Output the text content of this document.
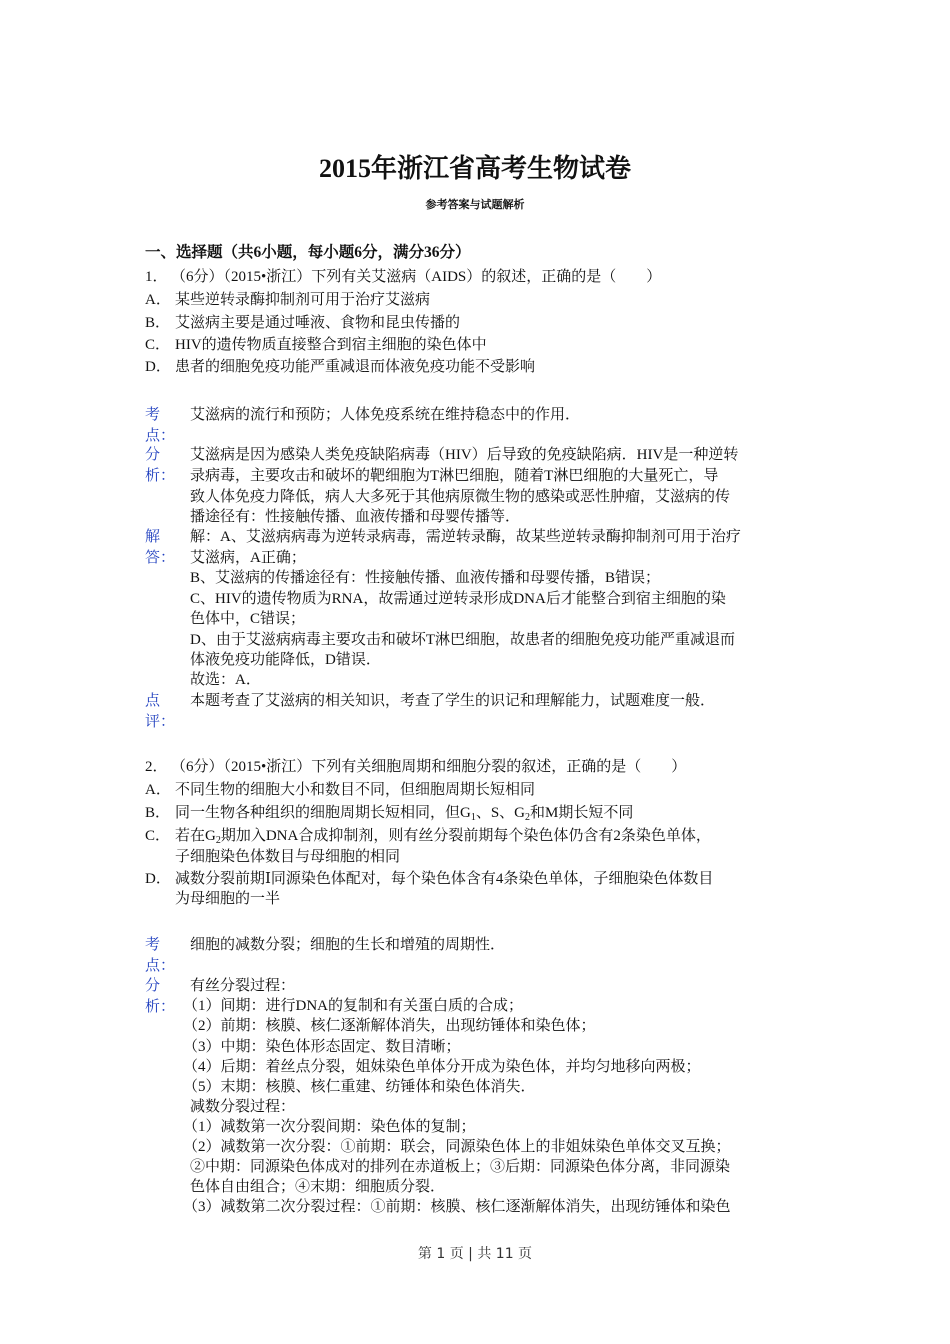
2015年浙江省高考生物试卷
参考答案与试题解析
一、选择题（共6小题，每小题6分，满分36分）
1． （6分）（2015•浙江）下列有关艾滋病（AIDS）的叙述，正确的是（　　）
A． 某些逆转录酶抑制剂可用于治疗艾滋病
B． 艾滋病主要是通过唾液、食物和昆虫传播的
C． HIV的遗传物质直接整合到宿主细胞的染色体中
D． 患者的细胞免疫功能严重减退而体液免疫功能不受影响
考
点：
艾滋病的流行和预防；人体免疫系统在维持稳态中的作用．
分
析：
艾滋病是因为感染人类免疫缺陷病毒（HIV）后导致的免疫缺陷病．HIV是一种逆转
录病毒，主要攻击和破坏的靶细胞为T淋巴细胞，随着T淋巴细胞的大量死亡，导
致人体免疫力降低，病人大多死于其他病原微生物的感染或恶性肿瘤，艾滋病的传
播途径有：性接触传播、血液传播和母婴传播等．
解
答：
解：A、艾滋病病毒为逆转录病毒，需逆转录酶，故某些逆转录酶抑制剂可用于治疗
艾滋病，A正确；
B、艾滋病的传播途径有：性接触传播、血液传播和母婴传播，B错误；
C、HIV的遗传物质为RNA，故需通过逆转录形成DNA后才能整合到宿主细胞的染
色体中，C错误；
D、由于艾滋病病毒主要攻击和破坏T淋巴细胞，故患者的细胞免疫功能严重减退而
体液免疫功能降低，D错误．
故选：A．
点
评：
本题考查了艾滋病的相关知识，考查了学生的识记和理解能力，试题难度一般．
2． （6分）（2015•浙江）下列有关细胞周期和细胞分裂的叙述，正确的是（　　）
A． 不同生物的细胞大小和数目不同，但细胞周期长短相同
B． 同一生物各种组织的细胞周期长短相同，但$G_1$、S、$G_2$和M期长短不同
C． 若在$G_2$期加入DNA合成抑制剂，则有丝分裂前期每个染色体仍含有2条染色单体，
子细胞染色体数目与母细胞的相同
D． 减数分裂前期Ⅰ同源染色体配对，每个染色体含有4条染色单体，子细胞染色体数目
为母细胞的一半
考
点：
细胞的减数分裂；细胞的生长和增殖的周期性．
分
析：
有丝分裂过程：
（1）间期：进行DNA的复制和有关蛋白质的合成；
（2）前期：核膜、核仁逐渐解体消失，出现纺锤体和染色体；
（3）中期：染色体形态固定、数目清晰；
（4）后期：着丝点分裂，姐妹染色单体分开成为染色体，并均匀地移向两极；
（5）末期：核膜、核仁重建、纺锤体和染色体消失．
减数分裂过程：
（1）减数第一次分裂间期：染色体的复制；
（2）减数第一次分裂：①前期：联会，同源染色体上的非姐妹染色单体交叉互换；
②中期：同源染色体成对的排列在赤道板上；③后期：同源染色体分离，非同源染
色体自由组合；④末期：细胞质分裂．
（3）减数第二次分裂过程：①前期：核膜、核仁逐渐解体消失，出现纺锤体和染色
第 1 页 | 共 11 页
